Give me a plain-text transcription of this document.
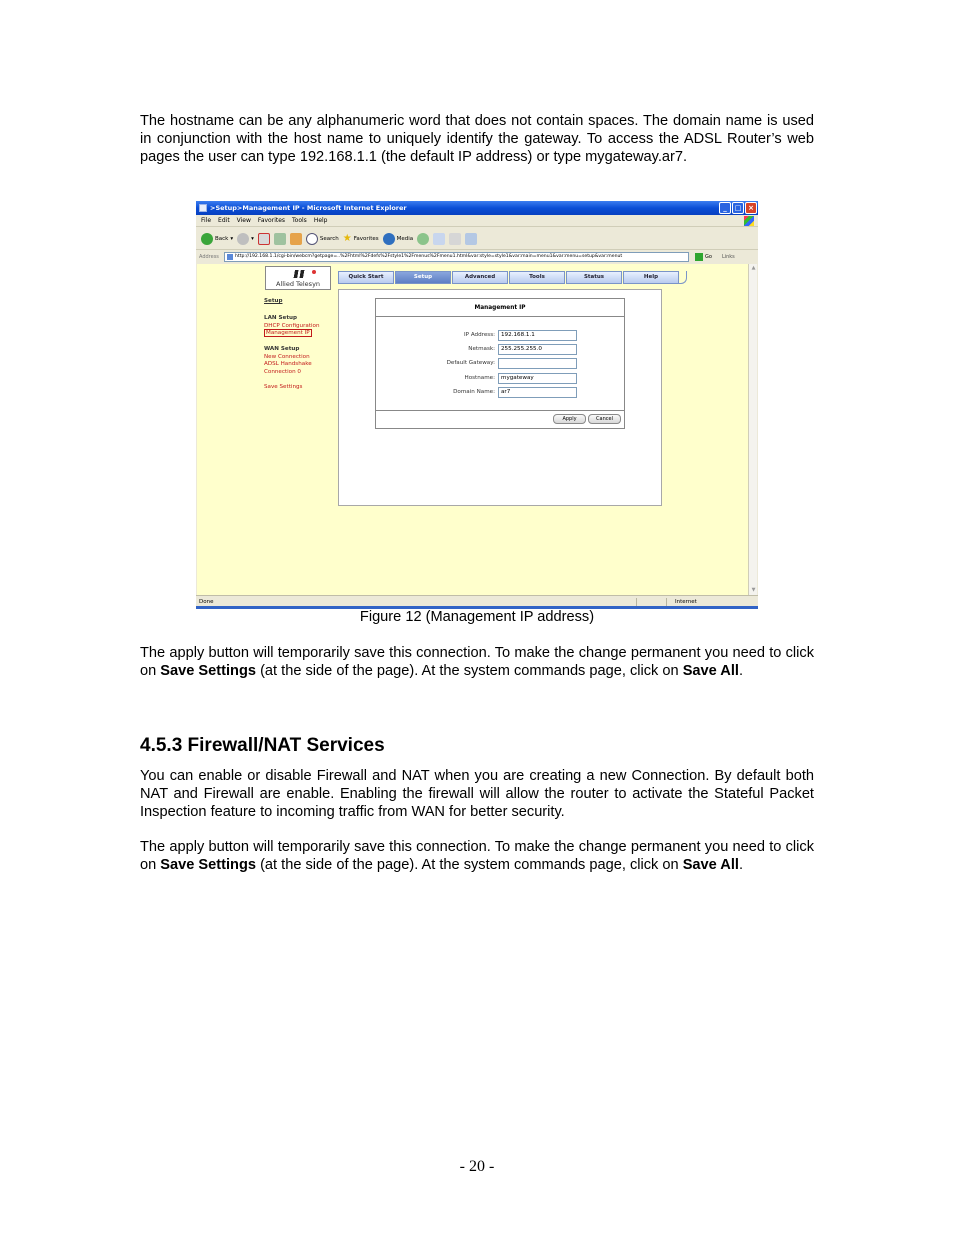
The hostname can be any alphanumeric word that does not contain spaces. The domain name is used in conjunction with the host name to uniquely identify the gateway. To access the ADSL Router’s web pages the user can type 192.168.1.1 (the default IP address) or type mygateway.ar7.

>Setup>Management IP - Microsoft Internet Explorer	_	□ ×
File Edit View Favorites Tools Help
Back ▾	▾	Search ★ Favorites	Media
Address	http://192.168.1.1/cgi-bin/webcm?getpage=..%2Fhtml%2Fdefs%2Fstyle1%2Fmenus%2Fmenu1.html&var:style=style1&var:main=menu1&var:menu=setup&var:menut	Go Links
Allied Telesyn
Quick Start	Setup	Advanced	Tools	Status	Help
Setup
LAN Setup
DHCP Configuration
Management IP
WAN Setup
New Connection
ADSL Handshake
Connection 0
Save Settings
Management IP
IP Address:	192.168.1.1
Netmask:	255.255.255.0
Default Gateway:
Hostname:	mygateway
Domain Name:	ar7
Apply	Cancel
▲
▼
Done	Internet
Figure 12 (Management IP address)

The apply button will temporarily save this connection. To make the change permanent you need to click on Save Settings (at the side of the page). At the system commands page, click on Save All.

4.5.3 Firewall/NAT Services

You can enable or disable Firewall and NAT when you are creating a new Connection. By default both NAT and Firewall are enable. Enabling the firewall will allow the router to activate the Stateful Packet Inspection feature to incoming traffic from WAN for better security.

The apply button will temporarily save this connection. To make the change permanent you need to click on Save Settings (at the side of the page). At the system commands page, click on Save All.

- 20 -
